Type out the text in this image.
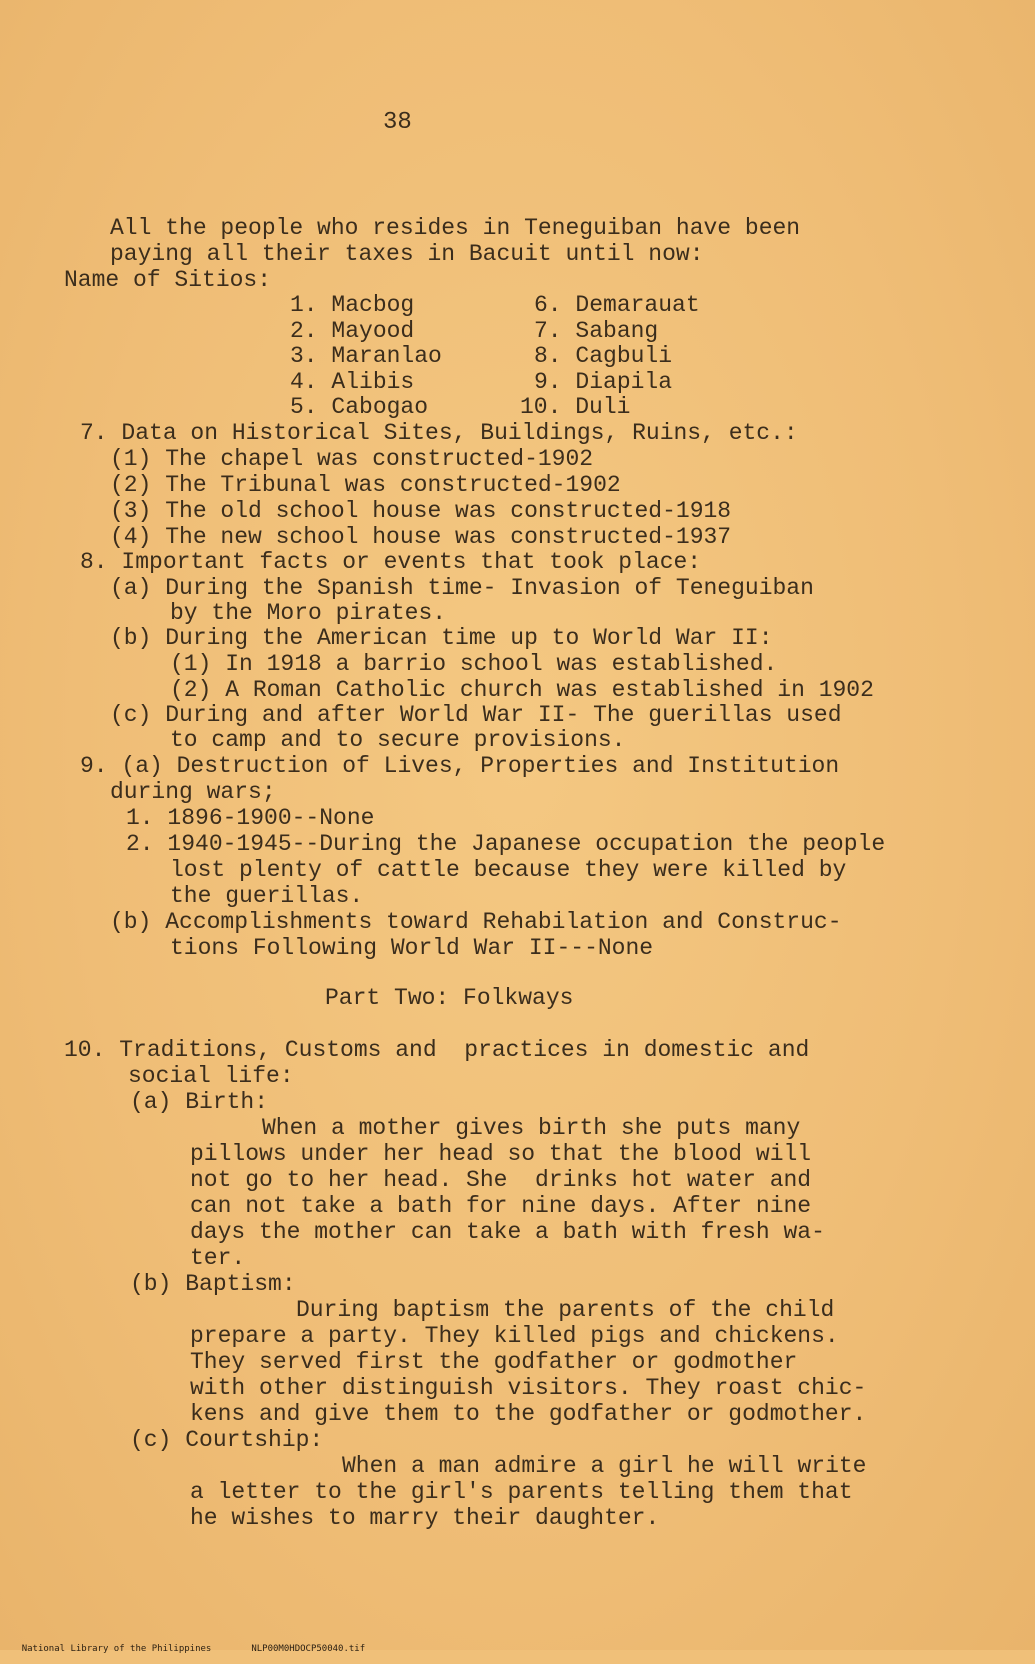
38
All the people who resides in Teneguiban have been
paying all their taxes in Bacuit until now:
Name of Sitios:
1. Macbog
2. Mayood
3. Maranlao
4. Alibis
5. Cabogao
6. Demarauat
7. Sabang
8. Cagbuli
9. Diapila
10. Duli
7. Data on Historical Sites, Buildings, Ruins, etc.:
(1) The chapel was constructed-1902
(2) The Tribunal was constructed-1902
(3) The old school house was constructed-1918
(4) The new school house was constructed-1937
8. Important facts or events that took place:
(a) During the Spanish time- Invasion of Teneguiban
by the Moro pirates.
(b) During the American time up to World War II:
(1) In 1918 a barrio school was established.
(2) A Roman Catholic church was established in 1902
(c) During and after World War II- The guerillas used
to camp and to secure provisions.
9. (a) Destruction of Lives, Properties and Institution
during wars;
1. 1896-1900--None
2. 1940-1945--During the Japanese occupation the people
lost plenty of cattle because they were killed by
the guerillas.
(b) Accomplishments toward Rehabilation and Construc-
tions Following World War II---None
Part Two: Folkways
10. Traditions, Customs and  practices in domestic and
social life:
(a) Birth:
When a mother gives birth she puts many
pillows under her head so that the blood will
not go to her head. She  drinks hot water and
can not take a bath for nine days. After nine
days the mother can take a bath with fresh wa-
ter.
(b) Baptism:
During baptism the parents of the child
prepare a party. They killed pigs and chickens.
They served first the godfather or godmother
with other distinguish visitors. They roast chic-
kens and give them to the godfather or godmother.
(c) Courtship:
When a man admire a girl he will write
a letter to the girl's parents telling them that
he wishes to marry their daughter.

National Library of the Philippines	NLP00M0HDOCP50040.tif
